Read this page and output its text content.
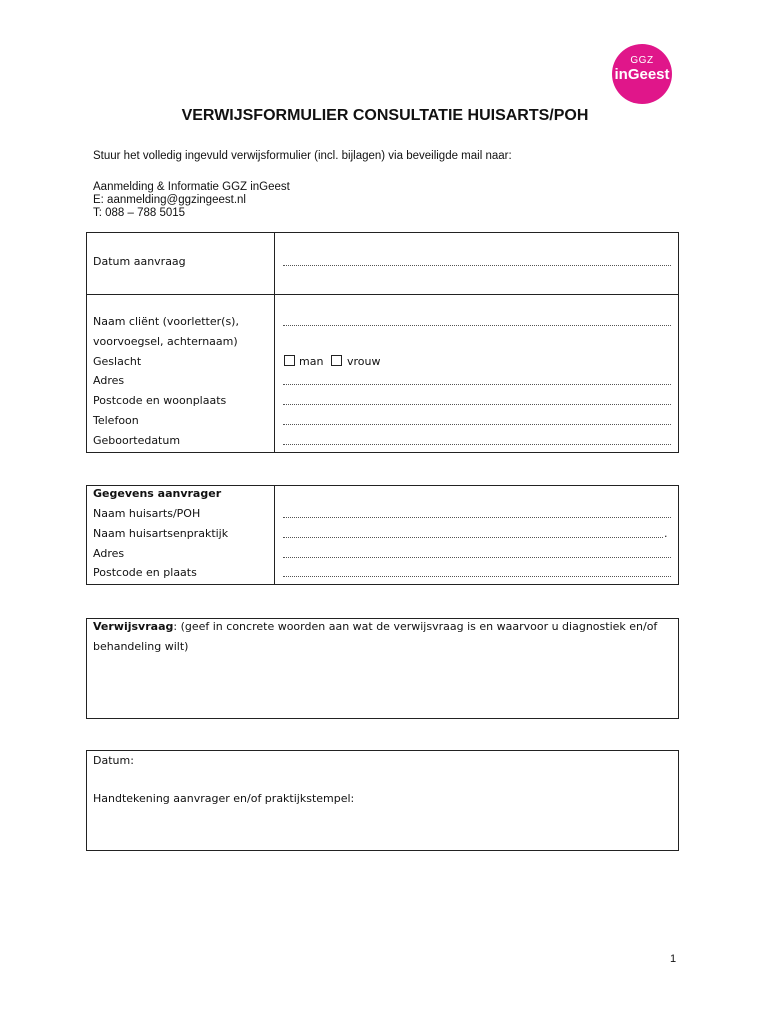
GGZ
inGeest
VERWIJSFORMULIER CONSULTATIE HUISARTS/POH
Stuur het volledig ingevuld verwijsformulier (incl. bijlagen) via beveiligde mail naar:
Aanmelding & Informatie GGZ inGeest
E: aanmelding@ggzingeest.nl
T: 088 – 788 5015
Datum aanvraag
Naam cliënt (voorletter(s),
voorvoegsel, achternaam)
Geslacht	man vrouw
Adres
Postcode en woonplaats
Telefoon
Geboortedatum
Gegevens aanvrager
Naam huisarts/POH
Naam huisartsenpraktijk	.
Adres
Postcode en plaats
Verwijsvraag: (geef in concrete woorden aan wat de verwijsvraag is en waarvoor u diagnostiek en/of
behandeling wilt)
Datum:
Handtekening aanvrager en/of praktijkstempel:
1
